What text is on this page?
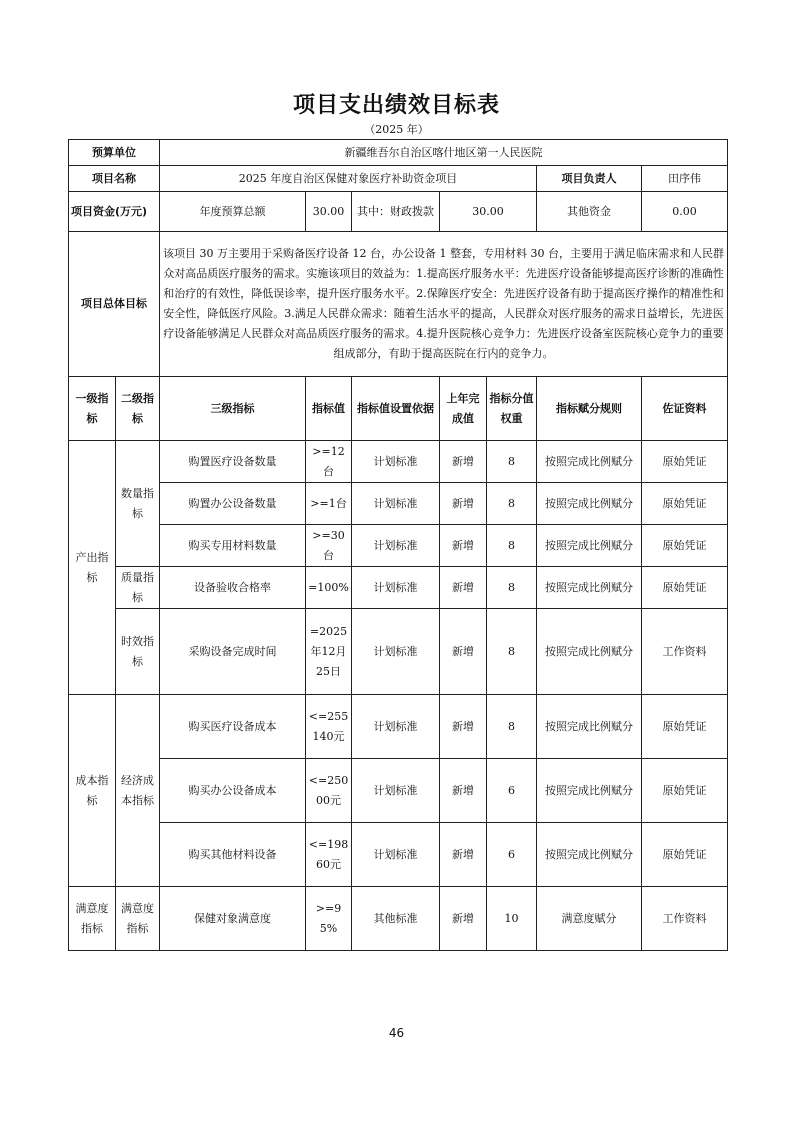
项目支出绩效目标表
（2025 年）
预算单位		新疆维吾尔自治区喀什地区第一人民医院						
项目名称		2025 年度自治区保健对象医疗补助资金项目					项目负责人	田序伟
项目资金(万元)		年度预算总额	30.00	其中：财政拨款	30.00		其他资金	0.00
项目总体目标		该项目 30 万主要用于采购备医疗设备 12 台，办公设备 1 整套，专用材料 30 台，主要用于满足临床需求和人民群众对高品质医疗服务的需求。实施该项目的效益为：1.提高医疗服务水平：先进医疗设备能够提高医疗诊断的准确性和治疗的有效性，降低误诊率，提升医疗服务水平。2.保障医疗安全：先进医疗设备有助于提高医疗操作的精准性和安全性，降低医疗风险。3.满足人民群众需求：随着生活水平的提高，人民群众对医疗服务的需求日益增长，先进医疗设备能够满足人民群众对高品质医疗服务的需求。4.提升医院核心竞争力：先进医疗设备室医院核心竞争力的重要组成部分，有助于提高医院在行内的竞争力。						
一级指标	二级指标	三级指标	指标值	指标值设置依据	上年完成值	指标分值权重	指标赋分规则	佐证资料
产出指标	数量指标	购置医疗设备数量	>=12台	计划标准	新增	8	按照完成比例赋分	原始凭证
		购置办公设备数量	>=1台	计划标准	新增	8	按照完成比例赋分	原始凭证
		购买专用材料数量	>=30台	计划标准	新增	8	按照完成比例赋分	原始凭证
	质量指标	设备验收合格率	=100%	计划标准	新增	8	按照完成比例赋分	原始凭证
	时效指标	采购设备完成时间	=2025年12月25日	计划标准	新增	8	按照完成比例赋分	工作资料
成本指标	经济成本指标	购买医疗设备成本	<=255140元	计划标准	新增	8	按照完成比例赋分	原始凭证
		购买办公设备成本	<=25000元	计划标准	新增	6	按照完成比例赋分	原始凭证
		购买其他材料设备	<=19860元	计划标准	新增	6	按照完成比例赋分	原始凭证
满意度指标	满意度指标	保健对象满意度	>=95%	其他标准	新增	10	满意度赋分	工作资料
46
